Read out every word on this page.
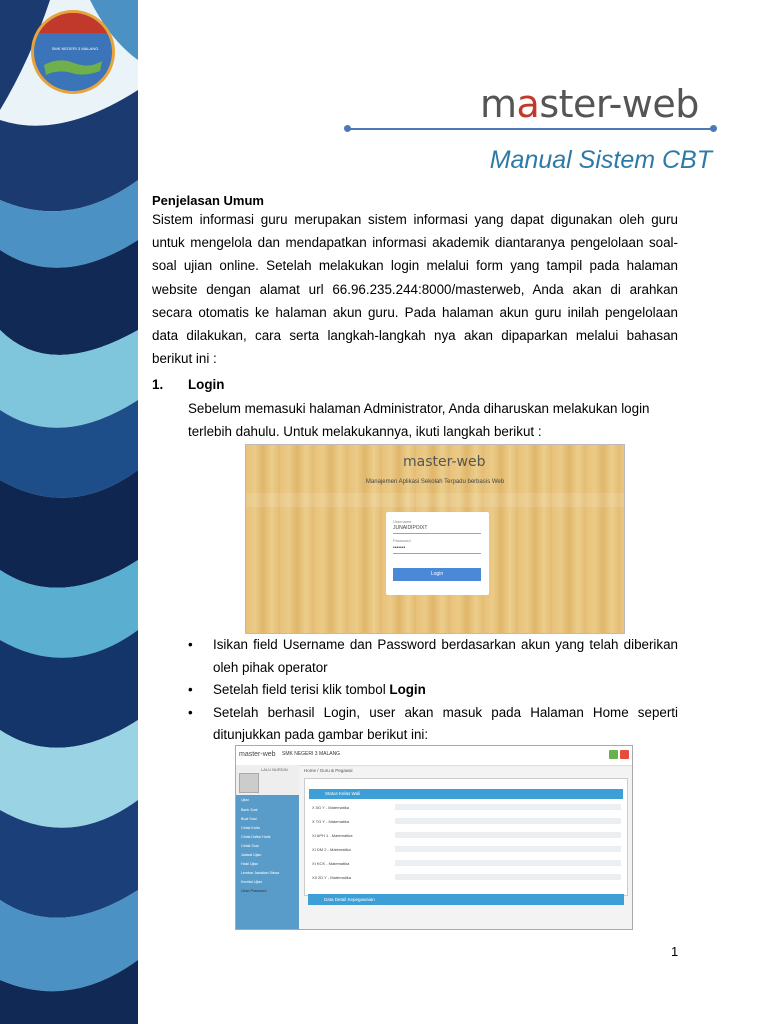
SMK NEGERI 3 MALANG
master-web
Manual Sistem CBT
Penjelasan Umum
Sistem informasi guru merupakan sistem informasi yang dapat digunakan oleh guru untuk mengelola dan mendapatkan informasi akademik diantaranya pengelolaan soal-soal ujian online. Setelah melakukan login melalui form yang tampil pada halaman website dengan alamat url 66.96.235.244:8000/masterweb, Anda akan di arahkan secara otomatis ke halaman akun guru. Pada halaman akun guru inilah pengelolaan data dilakukan, cara serta langkah-langkah nya akan dipaparkan melalui bahasan berikut ini :
1. Login
Sebelum memasuki halaman Administrator, Anda diharuskan melakukan login terlebih dahulu. Untuk melakukannya, ikuti langkah berikut :
master-web
Manajemen Aplikasi Sekolah Terpadu berbasis Web
Username
JUNAIDIPOIXT
Password
•••••••
Login
• Isikan field Username dan Password berdasarkan akun yang telah diberikan oleh pihak operator
• Setelah field terisi klik tombol Login
• Setelah berhasil Login, user akan masuk pada Halaman Home seperti ditunjukkan pada gambar berikut ini:
master-web SMK NEGERI 3 MALANG
LALU NURDIN
Ujian
Bank Soal
Buat Soal
Cetak Kartu
Cetak Daftar Hadir
Cetak Soal
Jadwal Ujian
Hasil Ujian
Lembar Jawaban Siswa
Koreksi Ujian
Ubah Password
Home / Guru & Pegawai
Status Kelas Wali
X 5G Y - Matematika
X TG Y - Matematika
XI APH 1 - Matematika
XI DM 2 - Matematika
XI KCK - Matematika
XII 2D Y - Matematika
Data Detail Kepegawaian
1
